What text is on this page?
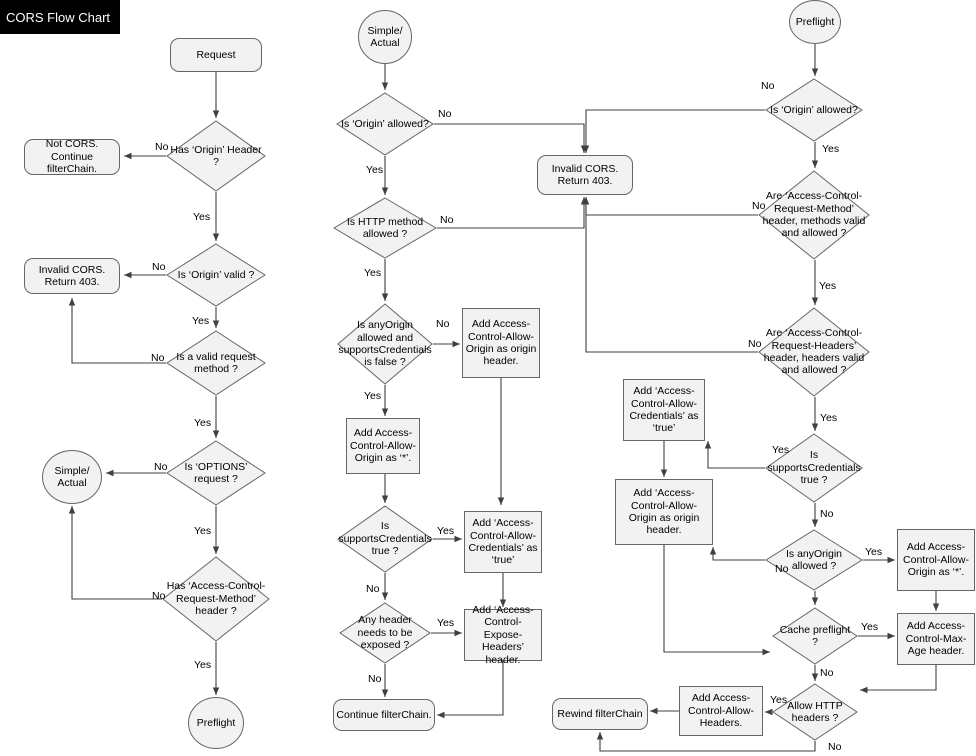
CORS Flow Chart
Request
Has ‘Origin’ Header ?
Not CORS. Continue filterChain.
Is ‘Origin’ valid ?
Invalid CORS. Return 403.
Is a valid request method ?
Is ‘OPTIONS’ request ?
Simple/ Actual
Has ‘Access-Control-Request-Method’ header ?
Preflight
Simple/ Actual
Is ‘Origin’ allowed?
Invalid CORS. Return 403.
Is HTTP method allowed ?
Is anyOrigin allowed and supportsCredentials is false ?
Add Access-Control-Allow-Origin as origin header.
Add Access-Control-Allow-Origin as ‘*’.
Is supportsCredentials true ?
Add ‘Access-Control-Allow-Credentials’ as ‘true’
Any header needs to be exposed ?
Add ‘Access-Control-Expose-Headers’ header.
Continue filterChain.
Preflight
Is ‘Origin’ allowed?
Are ‘Access-Control-Request-Method’ header, methods valid and allowed ?
Are ‘Access-Control-Request-Headers’ header, headers valid and allowed ?
Add ‘Access-Control-Allow-Credentials’ as ‘true’
Is supportsCredentials true ?
Add ‘Access-Control-Allow-Origin as origin header.
Is anyOrigin allowed ?
Add Access-Control-Allow-Origin as ‘*’.
Cache preflight ?
Add Access-Control-Max-Age header.
Allow HTTP headers ?
Add Access-Control-Allow-Headers.
Rewind filterChain
No
Yes
No
Yes
No
Yes
No
Yes
No
Yes
No
Yes
No
Yes
No
Yes
Yes
No
Yes
No
No
Yes
No
Yes
No
Yes
Yes
No
No
Yes
Yes
No
Yes
No
